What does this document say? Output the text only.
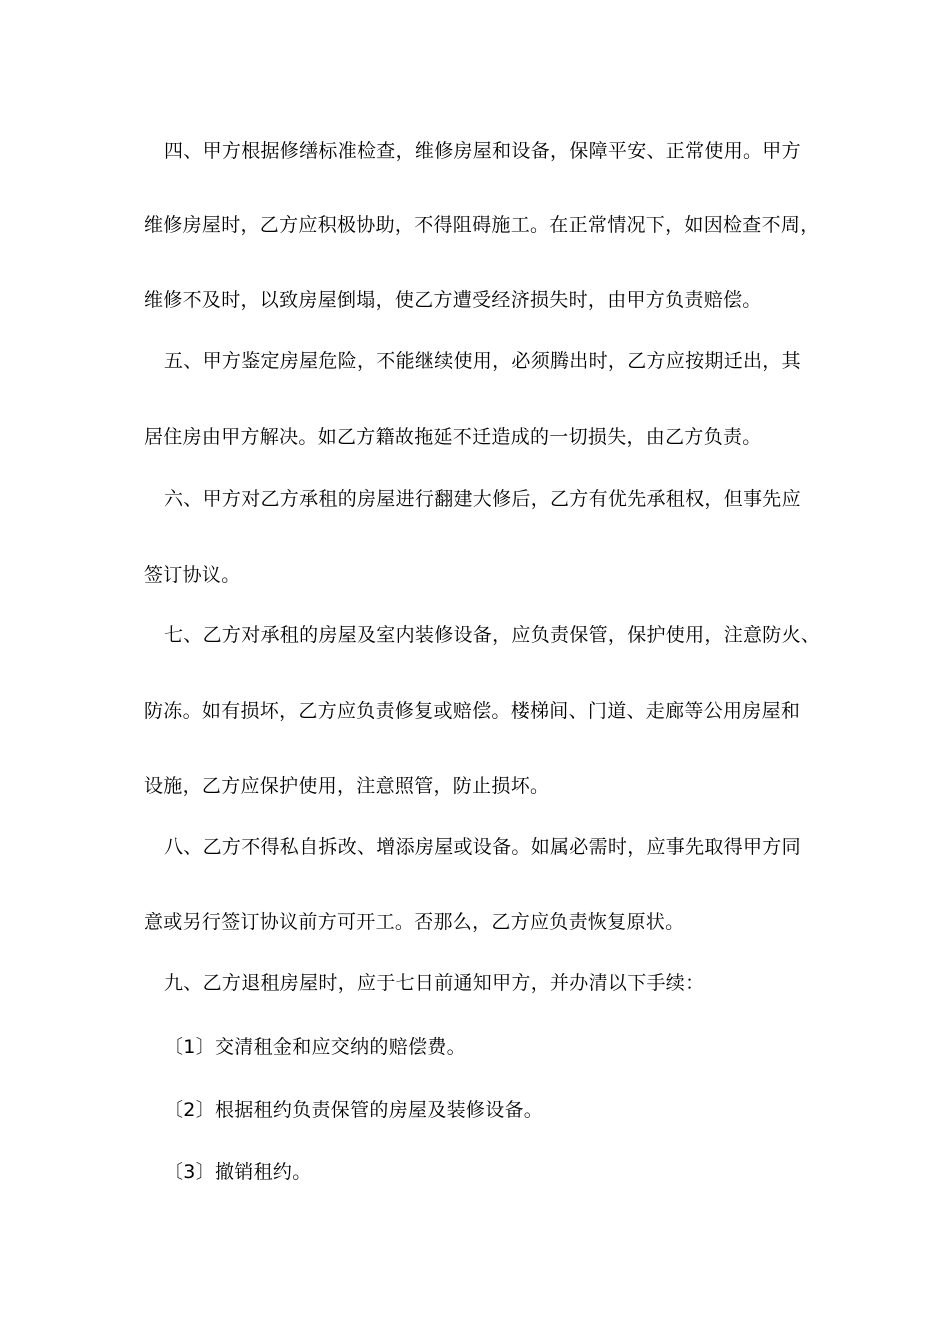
四、甲方根据修缮标准检查，维修房屋和设备，保障平安、正常使用。甲方
维修房屋时，乙方应积极协助，不得阻碍施工。在正常情况下，如因检查不周，
维修不及时，以致房屋倒塌，使乙方遭受经济损失时，由甲方负责赔偿。
五、甲方鉴定房屋危险，不能继续使用，必须腾出时，乙方应按期迁出，其
居住房由甲方解决。如乙方籍故拖延不迁造成的一切损失，由乙方负责。
六、甲方对乙方承租的房屋进行翻建大修后，乙方有优先承租权，但事先应
签订协议。
七、乙方对承租的房屋及室内装修设备，应负责保管，保护使用，注意防火、
防冻。如有损坏，乙方应负责修复或赔偿。楼梯间、门道、走廊等公用房屋和
设施，乙方应保护使用，注意照管，防止损坏。
八、乙方不得私自拆改、增添房屋或设备。如属必需时，应事先取得甲方同
意或另行签订协议前方可开工。否那么，乙方应负责恢复原状。
九、乙方退租房屋时，应于七日前通知甲方，并办清以下手续：
〔1〕交清租金和应交纳的赔偿费。
〔2〕根据租约负责保管的房屋及装修设备。
〔3〕撤销租约。
